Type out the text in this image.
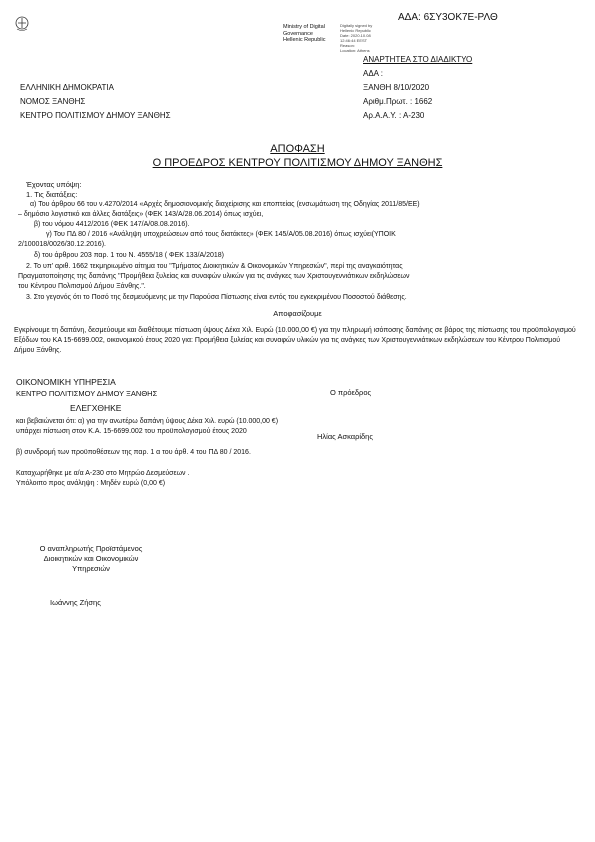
ΑΔΑ: 6ΣΥ3ΟΚ7Ε-ΡΛΘ
Ministry of Digital
Governance
Hellenic Republic
Digitally signed by
Hellenic Republic
Date: 2020.10.08
12:46:44 EEST
Reason:
Location: Athens
ΑΝΑΡΤΗΤΕΑ ΣΤΟ ΔΙΑΔΙΚΤΥΟ
ΑΔΑ :
ΞΑΝΘΗ 8/10/2020
Αριθμ.Πρωτ. : 1662
Αρ.Α.Α.Υ. : Α-230
ΕΛΛΗΝΙΚΗ ΔΗΜΟΚΡΑΤΙΑ
ΝΟΜΟΣ ΞΑΝΘΗΣ
ΚΕΝΤΡΟ ΠΟΛΙΤΙΣΜΟΥ ΔΗΜΟΥ ΞΑΝΘΗΣ
ΑΠΟΦΑΣΗ
Ο ΠΡΟΕΔΡΟΣ ΚΕΝΤΡΟΥ ΠΟΛΙΤΙΣΜΟΥ ΔΗΜΟΥ ΞΑΝΘΗΣ
Έχοντας υπόψη:
1. Τις διατάξεις:
α) Του άρθρου 66 του ν.4270/2014 «Αρχές δημοσιονομικής διαχείρισης και εποπτείας (ενσωμάτωση της Οδηγίας 2011/85/ΕΕ)
– δημόσιο λογιστικό και άλλες διατάξεις» (ΦΕΚ 143/Α/28.06.2014) όπως ισχύει,
β) του νόμου 4412/2016 (ΦΕΚ 147/Α/08.08.2016).
γ) Του ΠΔ 80 / 2016 «Ανάληψη υποχρεώσεων από τους διατάκτες» (ΦΕΚ 145/Α/05.08.2016) όπως ισχύει(ΥΠΟΙΚ
2/100018/0026/30.12.2016).
δ) του άρθρου 203 παρ. 1 του Ν. 4555/18 ( ΦΕΚ 133/Α/2018)
2. Το υπ' αριθ. 1662 τεκμηριωμένο αίτημα του "Τμήματος Διοικητικών & Οικονομικών Υπηρεσιών", περί της αναγκαιότητας
Πραγματοποίησης της δαπάνης "Προμήθεια ξυλείας και συναφών υλικών για τις ανάγκες των Χριστουγεννιάτικων εκδηλώσεων
του Κέντρου Πολιτισμού Δήμου Ξάνθης.".
3. Στο γεγονός ότι το Ποσό της δεσμευόμενης με την Παρούσα Πίστωσης είναι εντός του εγκεκριμένου Ποσοστού διάθεσης.
Αποφασίζουμε
Εγκρίνουμε τη δαπάνη, δεσμεύουμε και διαθέτουμε πίστωση ύψους Δέκα Χιλ. Ευρώ (10.000,00 €) για την πληρωμή ισόποσης δαπάνης σε βάρος της πίστωσης του προϋπολογισμού Εξόδων του ΚΑ 15-6699.002, οικονομικού έτους 2020 για: Προμήθεια ξυλείας και συναφών υλικών για τις ανάγκες των Χριστουγεννιάτικων εκδηλώσεων του Κέντρου Πολιτισμού Δήμου Ξάνθης.
ΟΙΚΟΝΟΜΙΚΗ ΥΠΗΡΕΣΙΑ
ΚΕΝΤΡΟ ΠΟΛΙΤΙΣΜΟΥ ΔΗΜΟΥ ΞΑΝΘΗΣ
ΕΛΕΓΧΘΗΚΕ
και βεβαιώνεται ότι: α) για την ανωτέρω δαπάνη ύψους Δέκα Χιλ. ευρώ (10.000,00 €) υπάρχει πίστωση στον Κ.Α. 15-6699.002 του προϋπολογισμού έτους 2020
β) συνδρομή των προϋποθέσεων της παρ. 1 α του άρθ. 4 του ΠΔ 80 / 2016.
Καταχωρήθηκε με α/α Α-230 στο Μητρώο Δεσμεύσεων .
Υπόλοιπο προς ανάληψη : Μηδέν ευρώ (0,00 €)
Ο πρόεδρος
Ηλίας Ασκαρίδης
Ο αναπληρωτής Προϊστάμενος
Διοικητικών και Οικονομικών
Υπηρεσιών
Ιωάννης Ζήσης
